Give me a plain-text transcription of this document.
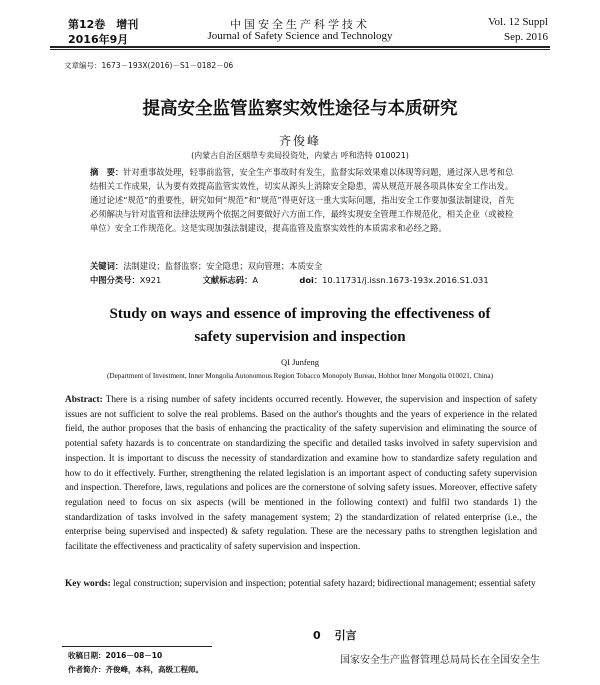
第12卷　增刊
2016年9月
中国安全生产科学技术
Journal of Safety Science and Technology
Vol. 12 Suppl
Sep. 2016
文章编号：1673－193X(2016)－S1－0182－06
提高安全监管监察实效性途径与本质研究
齐俊峰
(内蒙古自治区烟草专卖局投资处，内蒙古 呼和浩特 010021)
摘　要：针对重事故处理，轻事前监管，安全生产事故时有发生，监督实际效果难以体现等问题，通过深入思考和总结相关工作成果，认为要有效提高监管实效性，切实从源头上消除安全隐患，需从规范开展各项具体安全工作出发。通过论述“规范”的重要性，研究如何“规范”和“规范”得更好这一重大实际问题，指出安全工作要加强法制建设，首先必须解决与针对监管和法律法规两个依据之间要做好六方面工作，最终实现安全管理工作规范化，相关企业（或被检单位）安全工作规范化。这是实现加强法制建设，提高监管及监察实效性的本质需求和必经之路。
关键词：法制建设；监督监察；安全隐患；双向管理；本质安全
中图分类号：X921	文献标志码：A	doi：10.11731/j.issn.1673-193x.2016.S1.031
Study on ways and essence of improving the effectiveness of safety supervision and inspection
QI Junfeng
(Department of Investment, Inner Mongolia Autonomous Region Tobacco Monopoly Bureau, Hohhot Inner Mongolia 010021, China)
Abstract: There is a rising number of safety incidents occurred recently. However, the supervision and inspection of safety issues are not sufficient to solve the real problems. Based on the author's thoughts and the years of experience in the related field, the author proposes that the basis of enhancing the practicality of the safety supervision and eliminating the source of potential safety hazards is to concentrate on standardizing the specific and detailed tasks involved in safety supervision and inspection. It is important to discuss the necessity of standardization and examine how to standardize safety regulation and how to do it effectively. Further, strengthening the related legislation is an important aspect of conducting safety supervision and inspection. Therefore, laws, regulations and polices are the cornerstone of solving safety issues. Moreover, effective safety regulation need to focus on six aspects (will be mentioned in the following context) and fulfil two standards 1) the standardization of tasks involved in the safety management system; 2) the standardization of related enterprise (i.e., the enterprise being supervised and inspected) & safety regulation. These are the necessary paths to strengthen legislation and facilitate the effectiveness and practicality of safety supervision and inspection.
Key words: legal construction; supervision and inspection; potential safety hazard; bidirectional management; essential safety
0 引言
收稿日期：2016－08－10
作者简介：齐俊峰，本科，高级工程师。
国家安全生产监督管理总局局长在全国安全生
